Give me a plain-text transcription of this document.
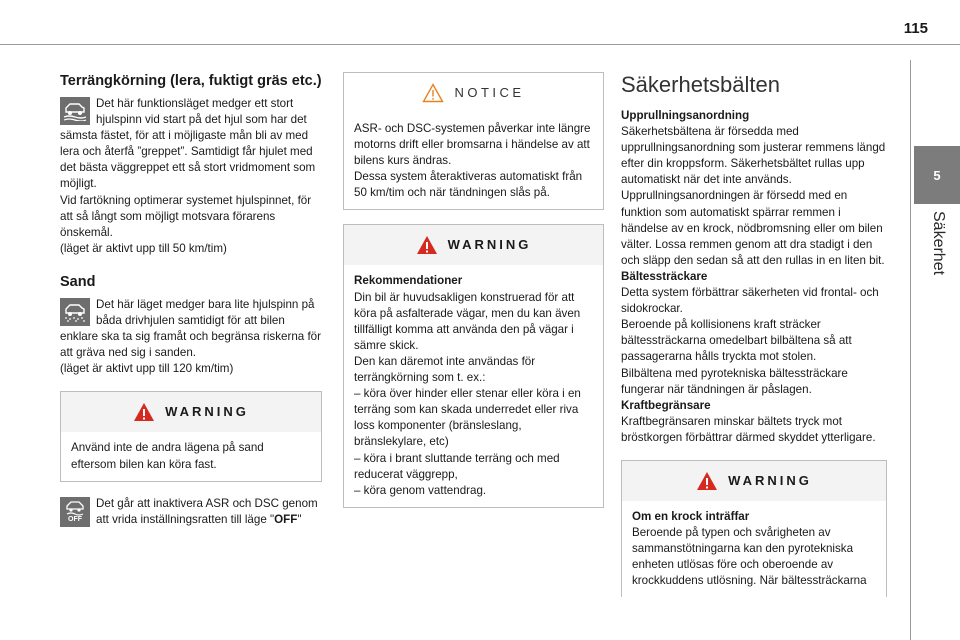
115
5
Säkerhet
Terrängkörning (lera, fuktigt gräs etc.)
Det här funktionsläget medger ett stort hjulspinn vid start på det hjul som har det sämsta fästet, för att i möjligaste mån bli av med lera och återfå ”greppet”. Samtidigt får hjulet med det bästa väggreppet ett så stort vridmoment som möjligt.
Vid fartökning optimerar systemet hjulspinnet, för att så långt som möjligt motsvara förarens önskemål.
(läget är aktivt upp till 50 km/tim)
Sand
Det här läget medger bara lite hjulspinn på båda drivhjulen samtidigt för att bilen enklare ska ta sig framåt och begränsa riskerna för att gräva ned sig i sanden.
(läget är aktivt upp till 120 km/tim)
WARNING
Använd inte de andra lägena på sand eftersom bilen kan köra fast.
OFF
Det går att inaktivera ASR och DSC genom att vrida inställningsratten till läge "OFF"
NOTICE
ASR- och DSC-systemen påverkar inte längre motorns drift eller bromsarna i händelse av att bilens kurs ändras.
Dessa system återaktiveras automatiskt från 50 km/tim och när tändningen slås på.
WARNING
Rekommendationer
Din bil är huvudsakligen konstruerad för att köra på asfalterade vägar, men du kan även tillfälligt komma att använda den på vägar i sämre skick.
Den kan däremot inte användas för terrängkörning som t. ex.:
– köra över hinder eller stenar eller köra i en terräng som kan skada underredet eller riva loss komponenter (bränsleslang, bränslekylare, etc)
– köra i brant sluttande terräng och med reducerat väggrepp,
– köra genom vattendrag.
Säkerhetsbälten
Upprullningsanordning
Säkerhetsbältena är försedda med upprullningsanordning som justerar remmens längd efter din kroppsform. Säkerhetsbältet rullas upp automatiskt när det inte används.
Upprullningsanordningen är försedd med en funktion som automatiskt spärrar remmen i händelse av en krock, nödbromsning eller om bilen välter. Lossa remmen genom att dra stadigt i den och släpp den sedan så att den rullas in en liten bit.
Bältessträckare
Detta system förbättrar säkerheten vid frontal- och sidokrockar.
Beroende på kollisionens kraft sträcker bältessträckarna omedelbart bilbältena så att passagerarna hålls tryckta mot stolen.
Bilbältena med pyrotekniska bältessträckare fungerar när tändningen är påslagen.
Kraftbegränsare
Kraftbegränsaren minskar bältets tryck mot bröstkorgen förbättrar därmed skyddet ytterligare.
WARNING
Om en krock inträffar
Beroende på typen och svårigheten av sammanstötningarna kan den pyrotekniska enheten utlösas före och oberoende av krockkuddens utlösning. När bältessträckarna
